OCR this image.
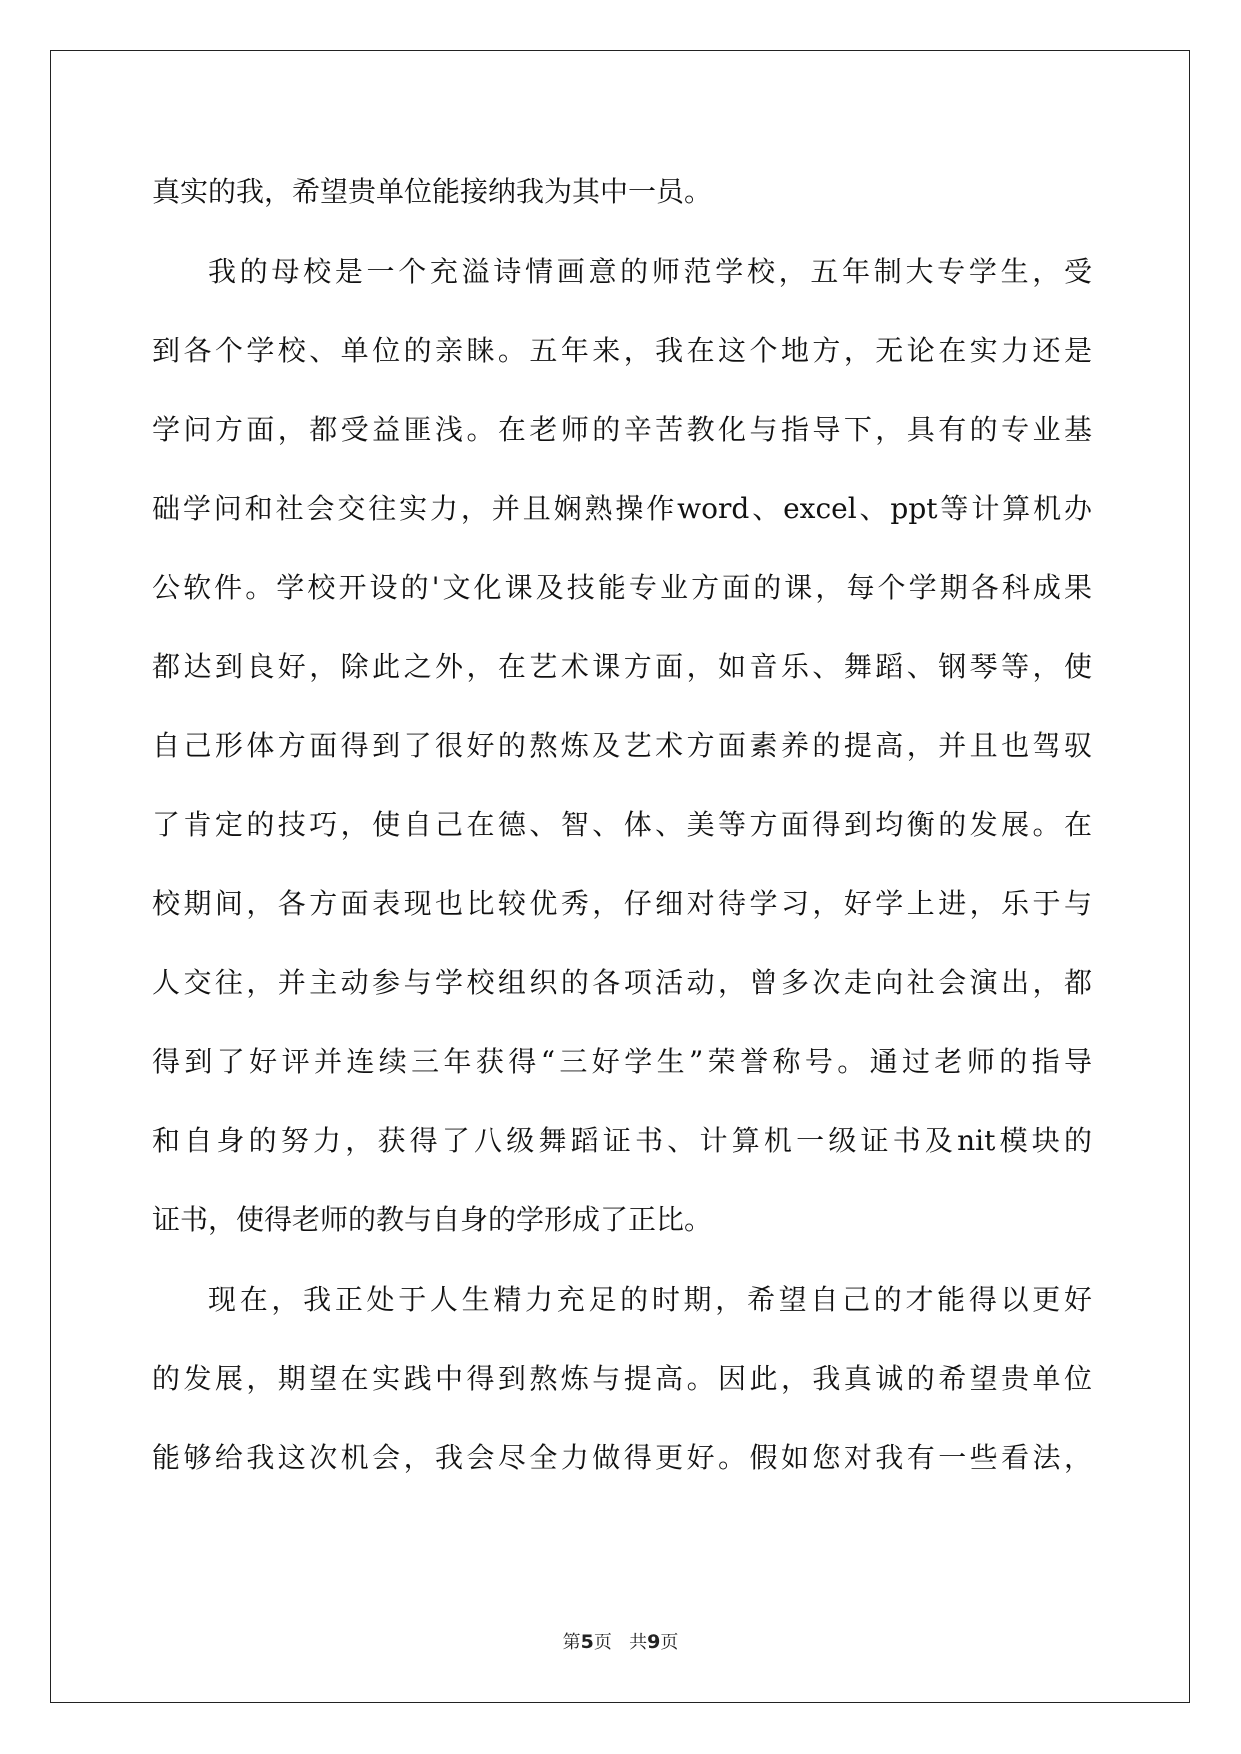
真实的我，希望贵单位能接纳我为其中一员。
我的母校是一个充溢诗情画意的师范学校，五年制大专学生，受
到各个学校、单位的亲睐。五年来，我在这个地方，无论在实力还是
学问方面，都受益匪浅。在老师的辛苦教化与指导下，具有的专业基
础学问和社会交往实力，并且娴熟操作word、excel、ppt等计算机办
公软件。学校开设的'文化课及技能专业方面的课，每个学期各科成果
都达到良好，除此之外，在艺术课方面，如音乐、舞蹈、钢琴等，使
自己形体方面得到了很好的熬炼及艺术方面素养的提高，并且也驾驭
了肯定的技巧，使自己在德、智、体、美等方面得到均衡的发展。在
校期间，各方面表现也比较优秀，仔细对待学习，好学上进，乐于与
人交往，并主动参与学校组织的各项活动，曾多次走向社会演出，都
得到了好评并连续三年获得“三好学生”荣誉称号。通过老师的指导
和自身的努力，获得了八级舞蹈证书、计算机一级证书及nit模块的
证书，使得老师的教与自身的学形成了正比。
现在，我正处于人生精力充足的时期，希望自己的才能得以更好
的发展，期望在实践中得到熬炼与提高。因此，我真诚的希望贵单位
能够给我这次机会，我会尽全力做得更好。假如您对我有一些看法，
第5页   共9页
